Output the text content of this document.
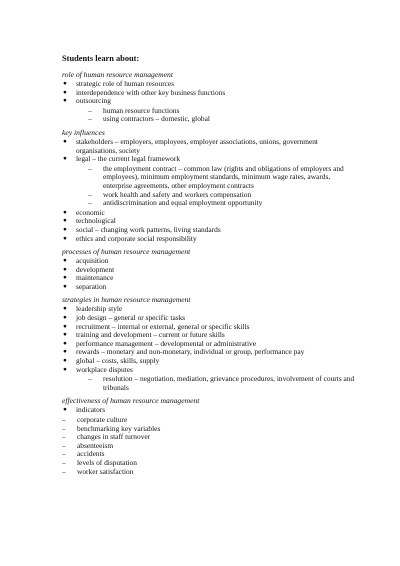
Students learn about:
role of human resource management
● strategic role of human resources
● interdependence with other key business functions
● outsourcing
– human resource functions
– using contractors – domestic, global
key influences
● stakeholders – employers, employees, employer associations, unions, government organisations, society
● legal – the current legal framework
– the employment contract – common law (rights and obligations of employers and employees), minimum employment standards, minimum wage rates, awards, enterprise agreements, other employment contracts
– work health and safety and workers compensation
– antidiscrimination and equal employment opportunity
● economic
● technological
● social – changing work patterns, living standards
● ethics and corporate social responsibility
processes of human resource management
● acquisition
● development
● maintenance
● separation
strategies in human resource management
● leadership style
● job design – general or specific tasks
● recruitment – internal or external, general or specific skills
● training and development – current or future skills
● performance management – developmental or administrative
● rewards – monetary and non-monetary, individual or group, performance pay
● global – costs, skills, supply
● workplace disputes
– resolution – negotiation, mediation, grievance procedures, involvement of courts and tribunals
effectiveness of human resource management
● indicators
– corporate culture
– benchmarking key variables
– changes in staff turnover
– absenteeism
– accidents
– levels of disputation
– worker satisfaction
